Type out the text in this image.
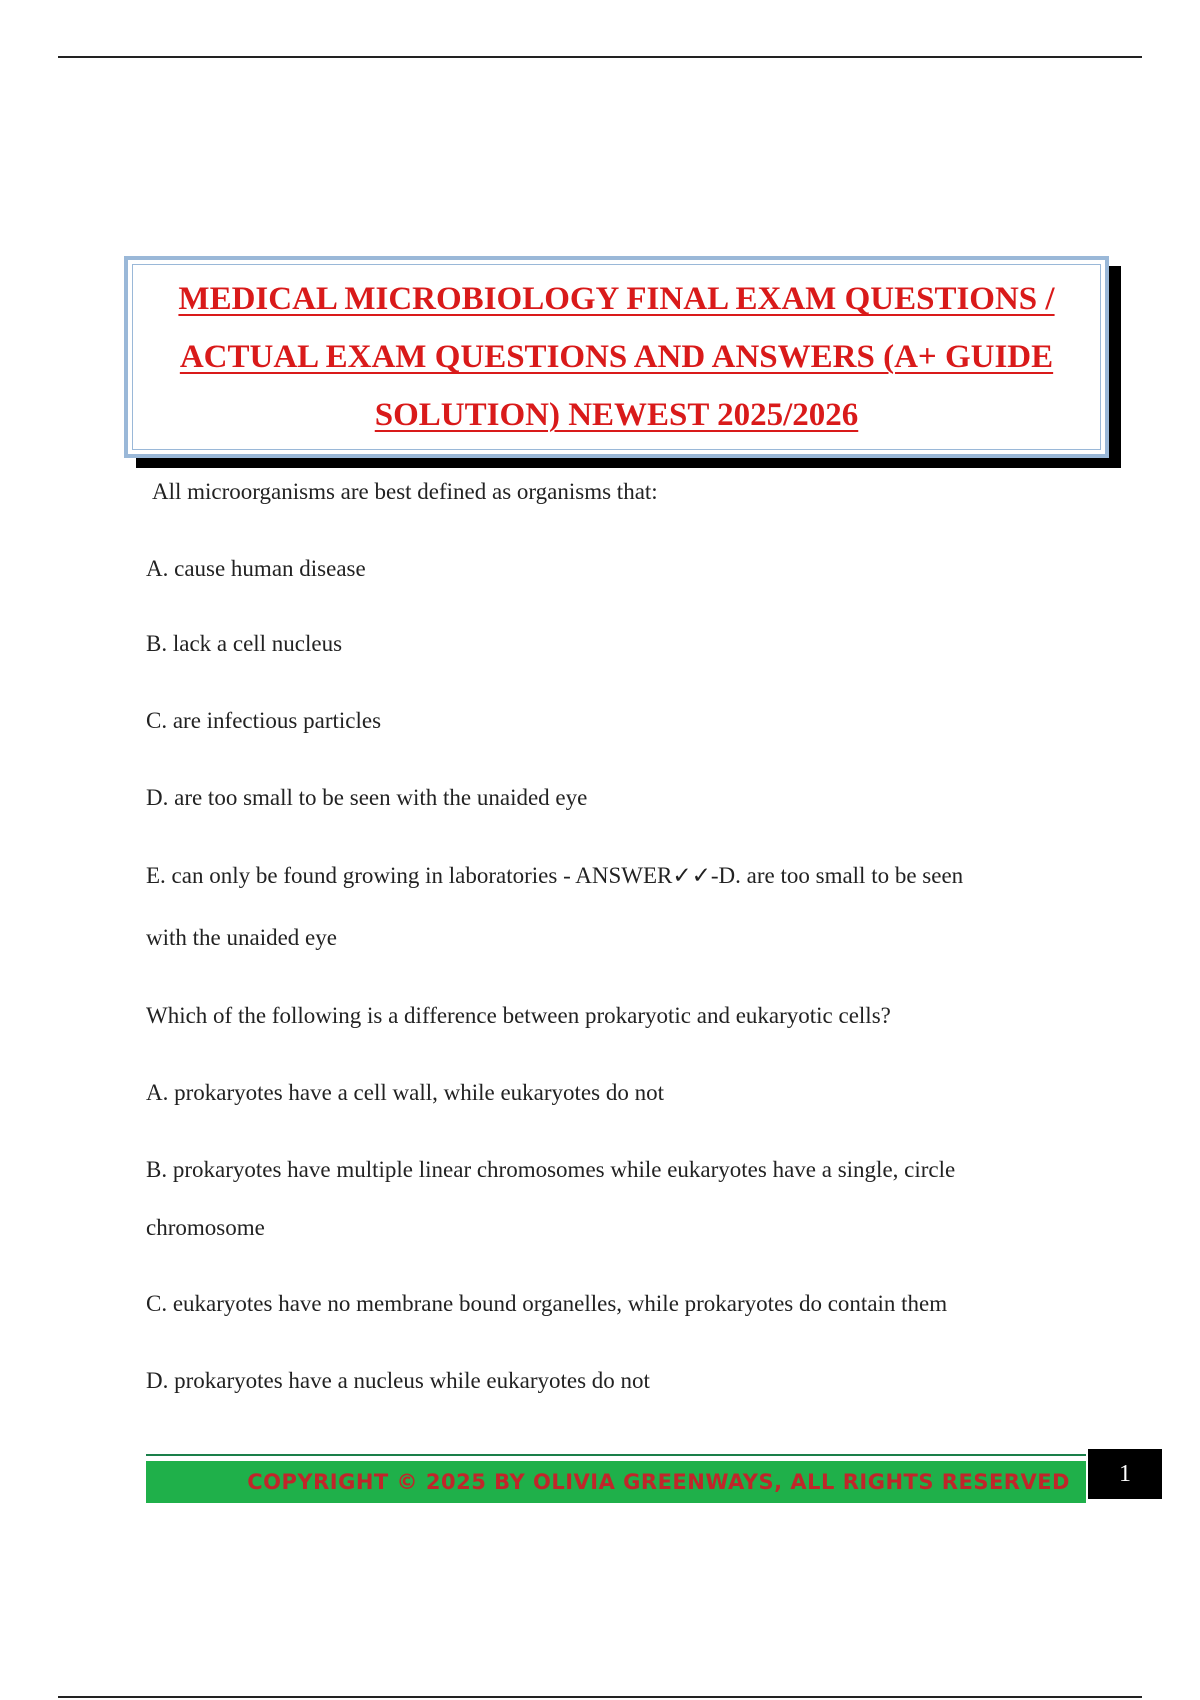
MEDICAL MICROBIOLOGY FINAL EXAM QUESTIONS /
ACTUAL EXAM QUESTIONS AND ANSWERS (A+ GUIDE
SOLUTION) NEWEST 2025/2026

All microorganisms are best defined as organisms that:
A. cause human disease
B. lack a cell nucleus
C. are infectious particles
D. are too small to be seen with the unaided eye
E. can only be found growing in laboratories - ANSWER✓✓-D. are too small to be seen
with the unaided eye
Which of the following is a difference between prokaryotic and eukaryotic cells?
A. prokaryotes have a cell wall, while eukaryotes do not
B. prokaryotes have multiple linear chromosomes while eukaryotes have a single, circle
chromosome
C. eukaryotes have no membrane bound organelles, while prokaryotes do contain them
D. prokaryotes have a nucleus while eukaryotes do not
COPYRIGHT © 2025 BY OLIVIA GREENWAYS, ALL RIGHTS RESERVED	1
